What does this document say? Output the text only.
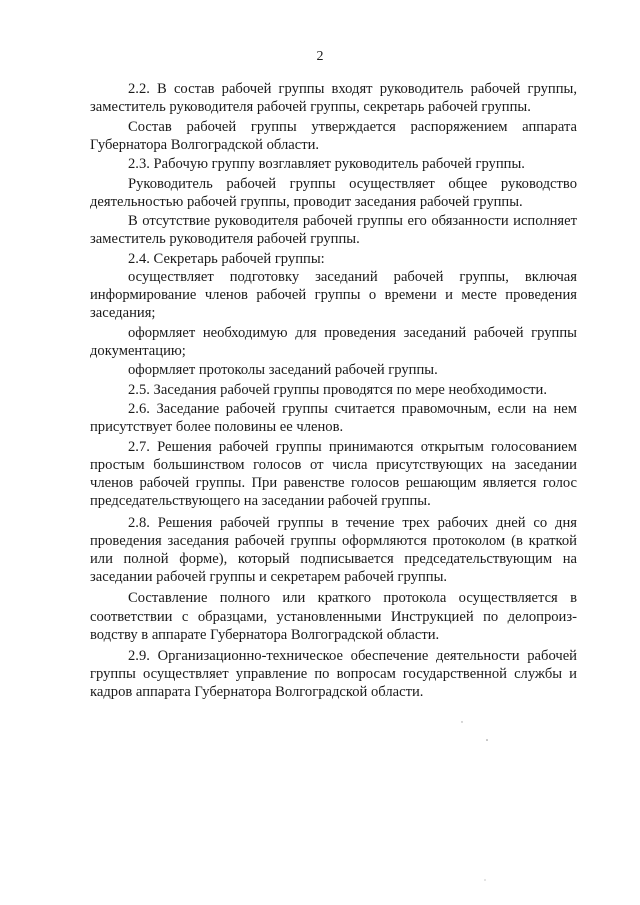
2

2.2. В состав рабочей группы входят руководитель рабочей группы, заместитель руководителя рабочей группы, секретарь рабочей группы.

Состав рабочей группы утверждается распоряжением аппарата Губернатора Волгоградской области.

2.3. Рабочую группу возглавляет руководитель рабочей группы.

Руководитель рабочей группы осуществляет общее руководство деятельностью рабочей группы, проводит заседания рабочей группы.

В отсутствие руководителя рабочей группы его обязанности исполняет заместитель руководителя рабочей группы.

2.4. Секретарь рабочей группы:

осуществляет подготовку заседаний рабочей группы, включая информирование членов рабочей группы о времени и месте проведения заседания;

оформляет необходимую для проведения заседаний рабочей группы документацию;

оформляет протоколы заседаний рабочей группы.

2.5. Заседания рабочей группы проводятся по мере необходимости.

2.6. Заседание рабочей группы считается правомочным, если на нем присутствует более половины ее членов.

2.7. Решения рабочей группы принимаются открытым голосованием простым большинством голосов от числа присутствующих на заседании членов рабочей группы. При равенстве голосов решающим является голос председательствующего на заседании рабочей группы.

2.8. Решения рабочей группы в течение трех рабочих дней со дня проведения заседания рабочей группы оформляются протоколом (в краткой или полной форме), который подписывается председательствующим на заседании рабочей группы и секретарем рабочей группы.

Составление полного или краткого протокола осуществляется в соответствии с образцами, установленными Инструкцией по делопроизводству в аппарате Губернатора Волгоградской области.

2.9. Организационно-техническое обеспечение деятельности рабочей группы осуществляет управление по вопросам государственной службы и кадров аппарата Губернатора Волгоградской области.
